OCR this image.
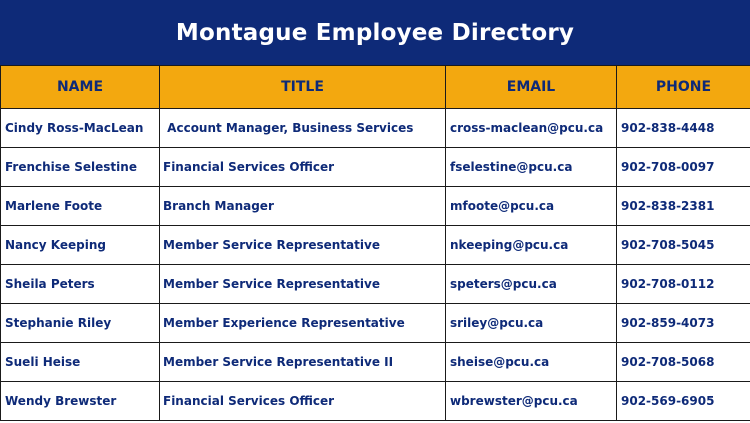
Montague Employee Directory
NAME	TITLE	EMAIL	PHONE
Cindy Ross-MacLean	Account Manager, Business Services	cross-maclean@pcu.ca	902-838-4448
Frenchise Selestine	Financial Services Officer	fselestine@pcu.ca	902-708-0097
Marlene Foote	Branch Manager	mfoote@pcu.ca	902-838-2381
Nancy Keeping	Member Service Representative	nkeeping@pcu.ca	902-708-5045
Sheila Peters	Member Service Representative	speters@pcu.ca	902-708-0112
Stephanie Riley	Member Experience Representative	sriley@pcu.ca	902-859-4073
Sueli Heise	Member Service Representative II	sheise@pcu.ca	902-708-5068
Wendy Brewster	Financial Services Officer	wbrewster@pcu.ca	902-569-6905
